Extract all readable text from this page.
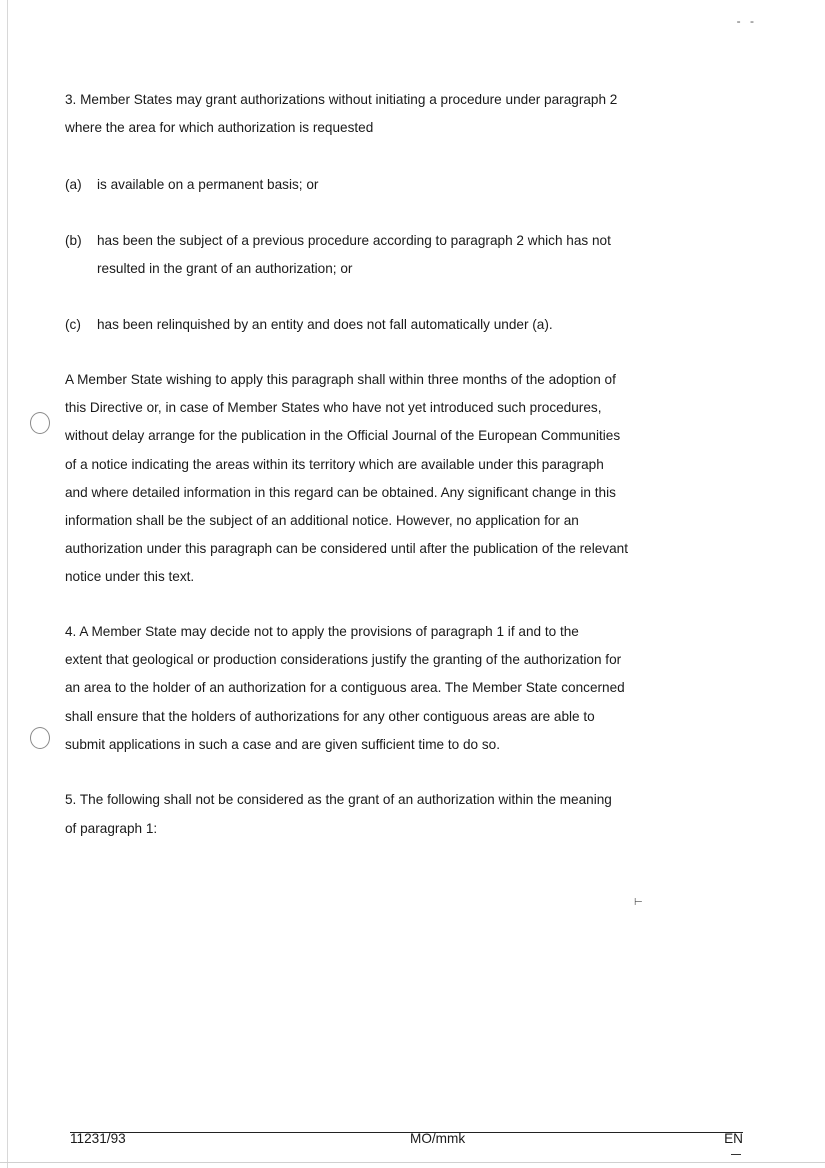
- -
3. Member States may grant authorizations without initiating a procedure under paragraph 2
where the area for which authorization is requested
(a) is available on a permanent basis; or
(b) has been the subject of a previous procedure according to paragraph 2 which has not
resulted in the grant of an authorization; or
(c) has been relinquished by an entity and does not fall automatically under (a).
A Member State wishing to apply this paragraph shall within three months of the adoption of
this Directive or, in case of Member States who have not yet introduced such procedures,
without delay arrange for the publication in the Official Journal of the European Communities
of a notice indicating the areas within its territory which are available under this paragraph
and where detailed information in this regard can be obtained. Any significant change in this
information shall be the subject of an additional notice. However, no application for an
authorization under this paragraph can be considered until after the publication of the relevant
notice under this text.
4. A Member State may decide not to apply the provisions of paragraph 1 if and to the
extent that geological or production considerations justify the granting of the authorization for
an area to the holder of an authorization for a contiguous area. The Member State concerned
shall ensure that the holders of authorizations for any other contiguous areas are able to
submit applications in such a case and are given sufficient time to do so.
5. The following shall not be considered as the grant of an authorization within the meaning
of paragraph 1:
⊢
11231/93	MO/mmk	EN
